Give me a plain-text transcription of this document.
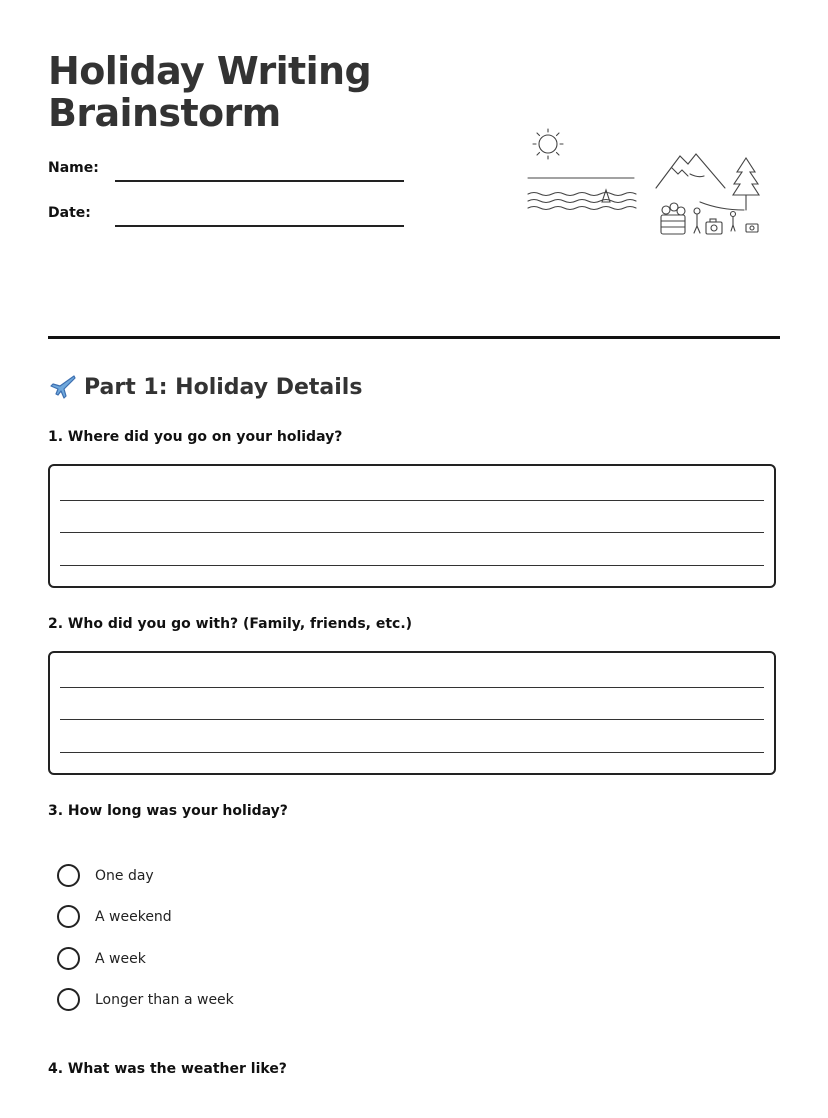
Holiday Writing
Brainstorm
Name:
Date:
Part 1: Holiday Details
1. Where did you go on your holiday?
2. Who did you go with? (Family, friends, etc.)
3. How long was your holiday?
One day
A weekend
A week
Longer than a week
4. What was the weather like?
